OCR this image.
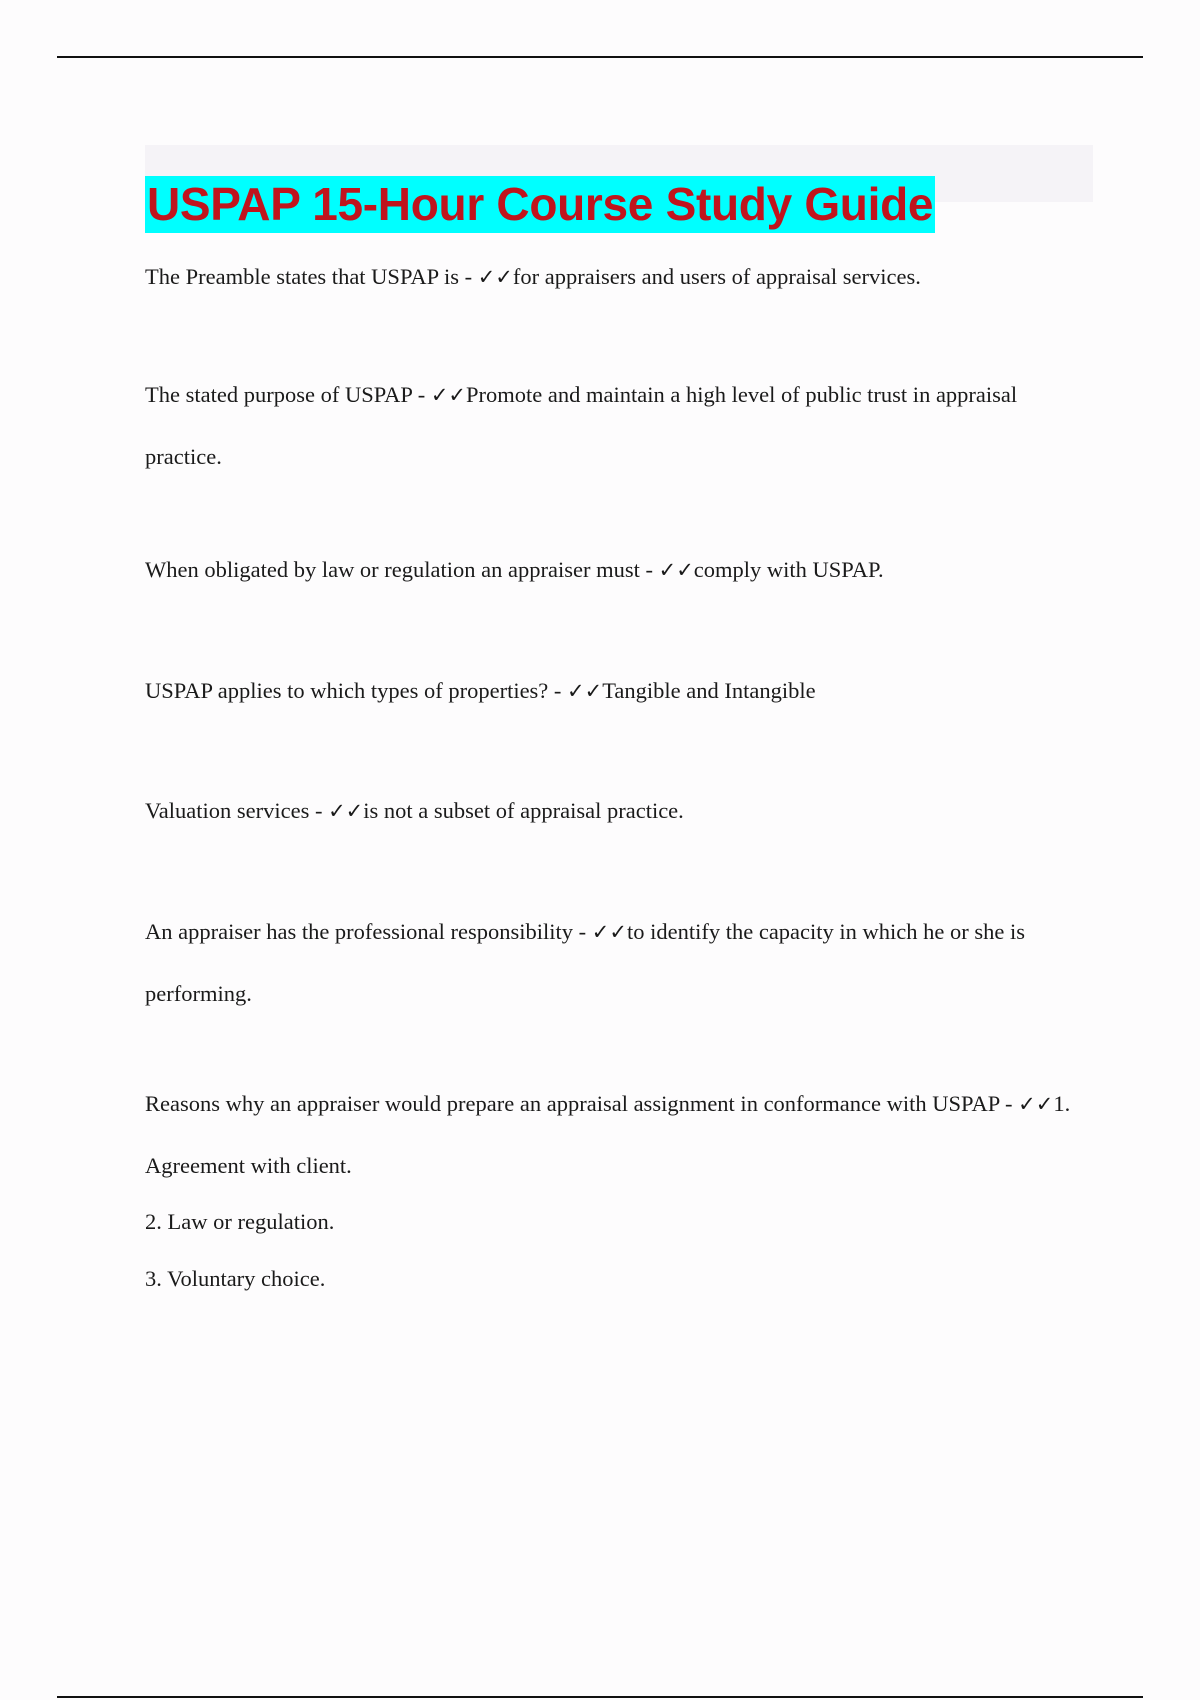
USPAP 15-Hour Course Study Guide

The Preamble states that USPAP is - ✓✓for appraisers and users of appraisal services.

The stated purpose of USPAP - ✓✓Promote and maintain a high level of public trust in appraisal practice.

When obligated by law or regulation an appraiser must - ✓✓comply with USPAP.

USPAP applies to which types of properties? - ✓✓Tangible and Intangible

Valuation services - ✓✓is not a subset of appraisal practice.

An appraiser has the professional responsibility - ✓✓to identify the capacity in which he or she is performing.

Reasons why an appraiser would prepare an appraisal assignment in conformance with USPAP - ✓✓1. Agreement with client.

2. Law or regulation.

3. Voluntary choice.
